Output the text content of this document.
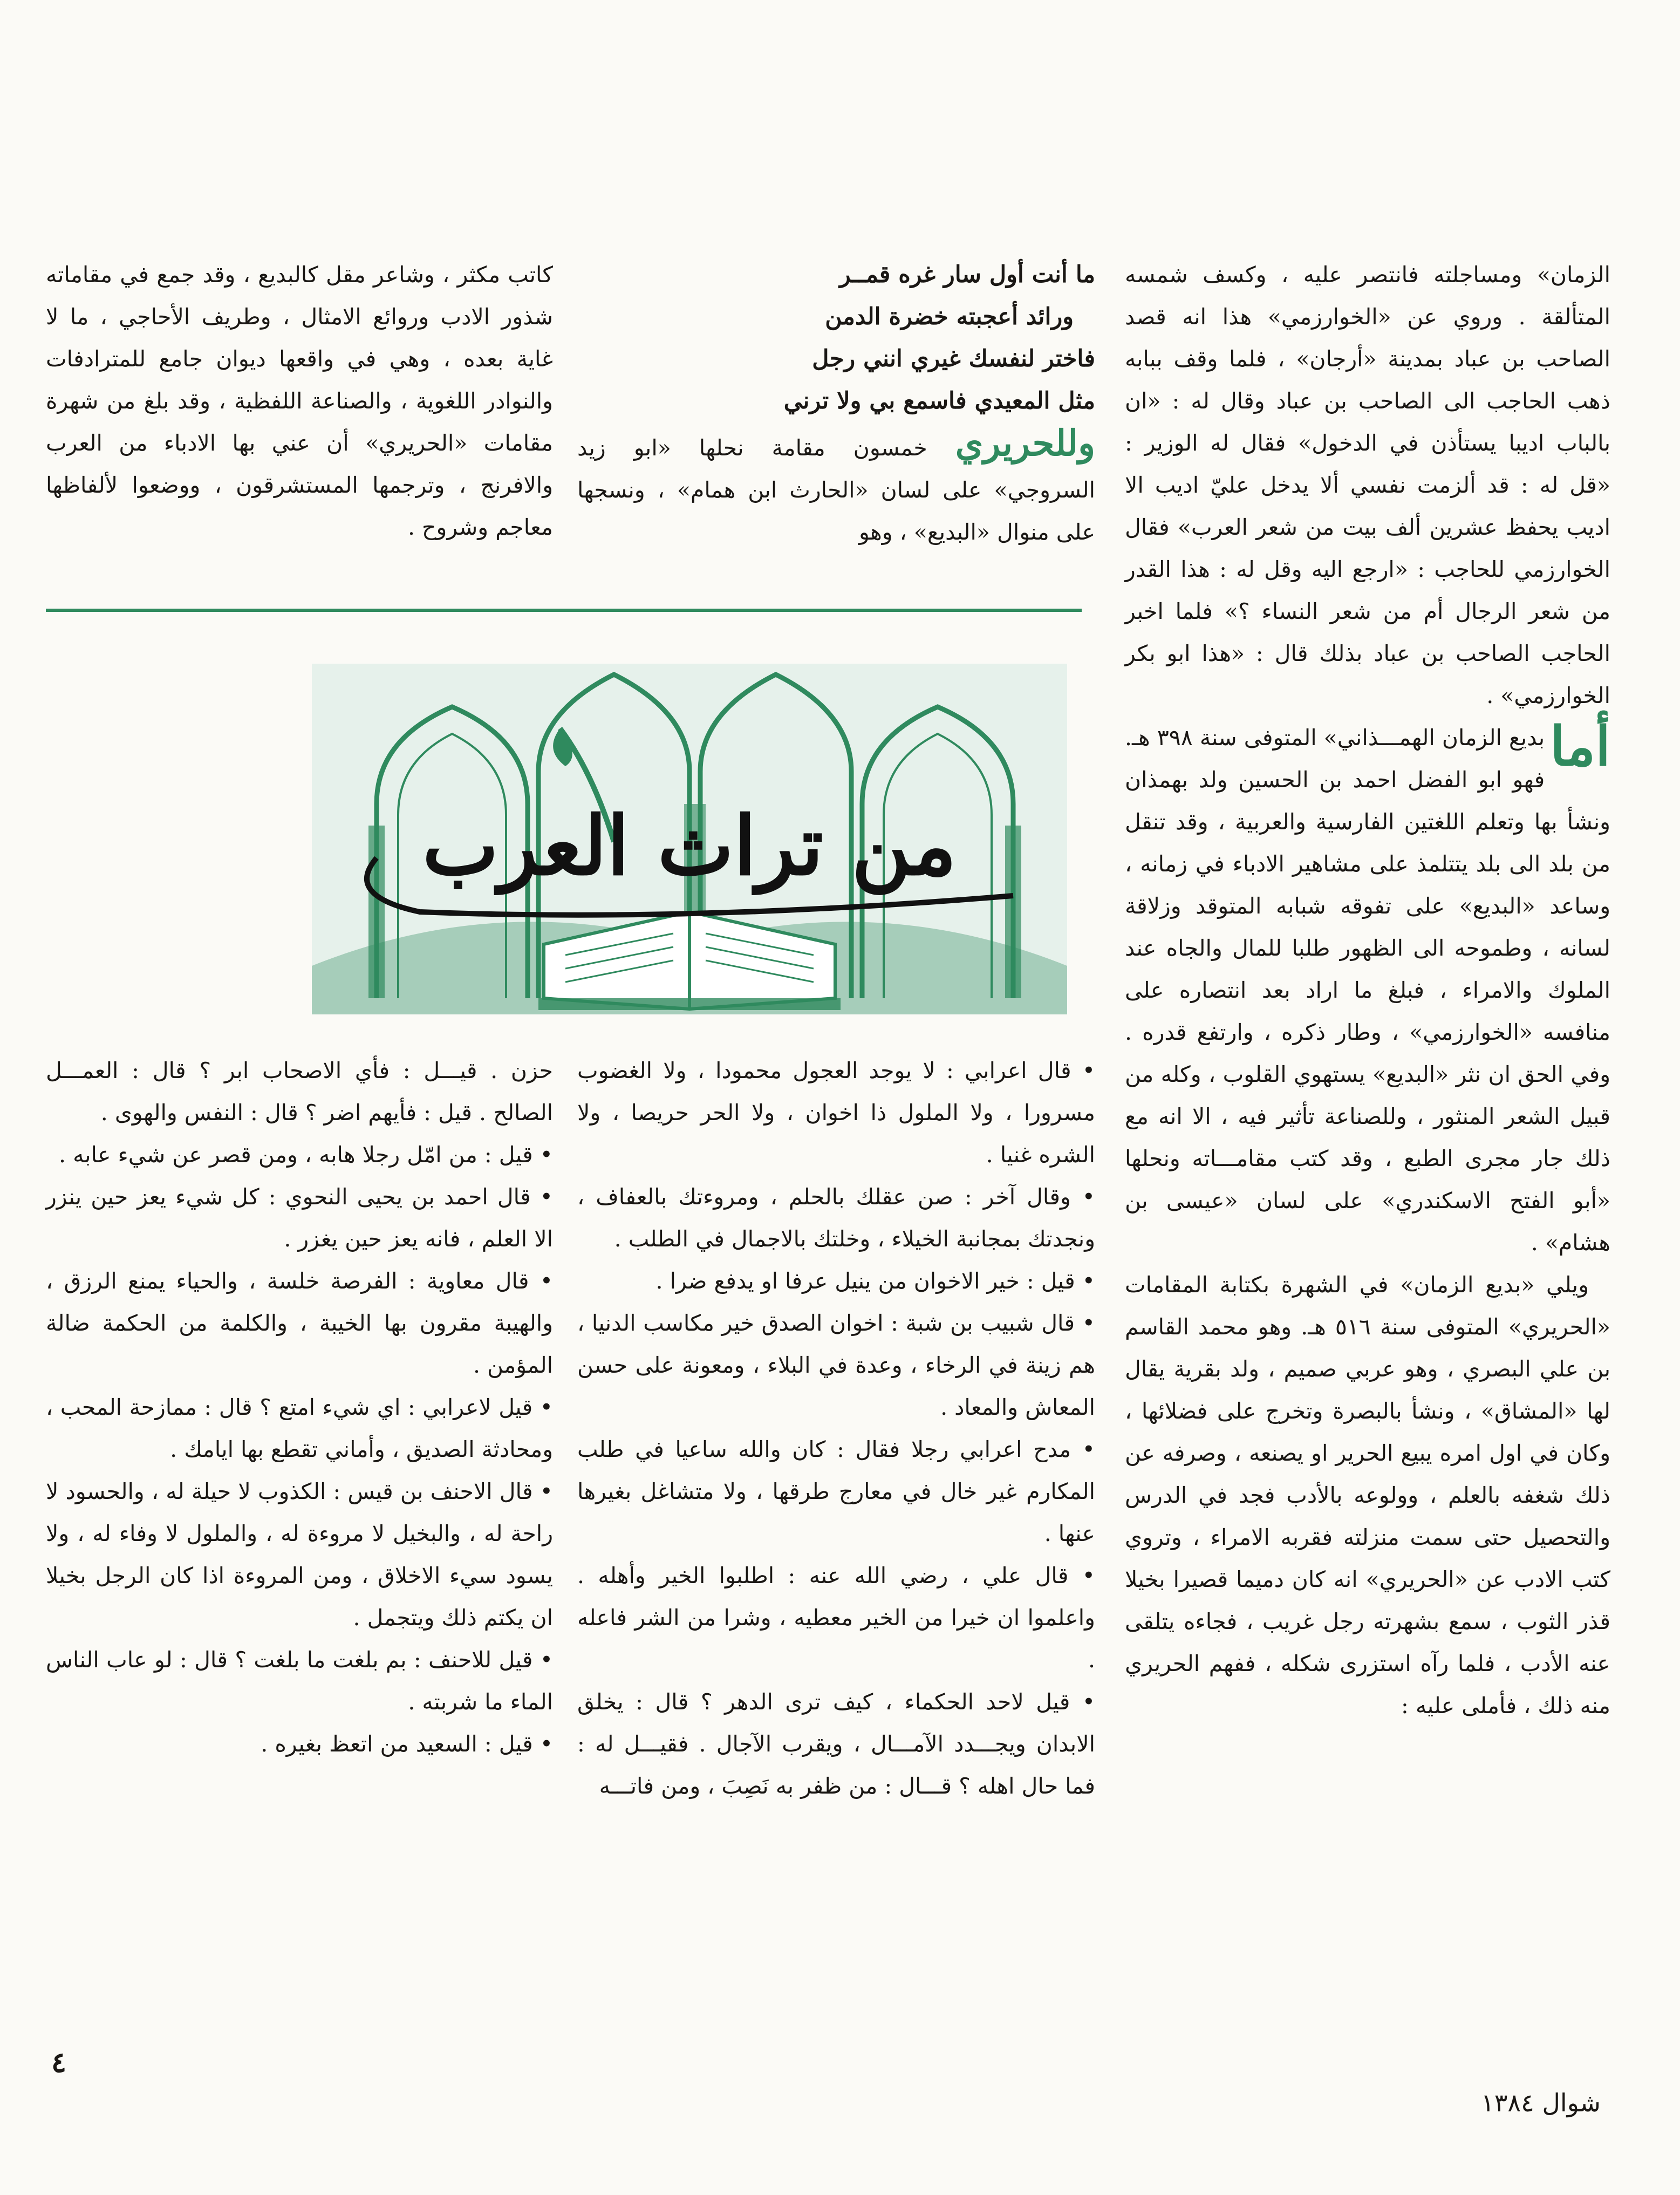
الزمان» ومساجلته فانتصر عليه ، وكسف شمسه المتألقة . وروي عن «الخوارزمي» هذا انه قصد الصاحب بن عباد بمدينة «أرجان» ، فلما وقف ببابه ذهب الحاجب الى الصاحب بن عباد وقال له : «ان بالباب اديبا يستأذن في الدخول» فقال له الوزير : «قل له : قد ألزمت نفسي ألا يدخل عليّ اديب الا اديب يحفظ عشرين ألف بيت من شعر العرب» فقال الخوارزمي للحاجب : «ارجع اليه وقل له : هذا القدر من شعر الرجال أم من شعر النساء ؟» فلما اخبر الحاجب الصاحب بن عباد بذلك قال : «هذا ابو بكر الخوارزمي» .

أما
بديع الزمان الهمـــذاني» المتوفى سنة ٣٩٨ هـ. فهو ابو الفضل احمد بن الحسين ولد بهمذان ونشأ بها وتعلم اللغتين الفارسية والعربية ، وقد تنقل من بلد الى بلد يتتلمذ على مشاهير الادباء في زمانه ، وساعد «البديع» على تفوقه شبابه المتوقد وزلاقة لسانه ، وطموحه الى الظهور طلبا للمال والجاه عند الملوك والامراء ، فبلغ ما اراد بعد انتصاره على منافسه «الخوارزمي» ، وطار ذكره ، وارتفع قدره . وفي الحق ان نثر «البديع» يستهوي القلوب ، وكله من قبيل الشعر المنثور ، وللصناعة تأثير فيه ، الا انه مع ذلك جار مجرى الطبع ، وقد كتب مقامـــاته ونحلها «أبو الفتح الاسكندري» على لسان «عيسى بن هشام» .

ويلي «بديع الزمان» في الشهرة بكتابة المقامات «الحريري» المتوفى سنة ٥١٦ هـ. وهو محمد القاسم بن علي البصري ، وهو عربي صميم ، ولد بقرية يقال لها «المشاق» ، ونشأ بالبصرة وتخرج على فضلائها ، وكان في اول امره يبيع الحرير او يصنعه ، وصرفه عن ذلك شغفه بالعلم ، وولوعه بالأدب فجد في الدرس والتحصيل حتى سمت منزلته فقربه الامراء ، وتروي كتب الادب عن «الحريري» انه كان دميما قصيرا بخيلا قذر الثوب ، سمع بشهرته رجل غريب ، فجاءه يتلقى عنه الأدب ، فلما رآه استزرى شكله ، ففهم الحريري منه ذلك ، فأملى عليه :

ما أنت أول سار غره قمــر

ورائد أعجبته خضرة الدمن

فاختر لنفسك غيري انني رجل

مثل المعيدي فاسمع بي ولا ترني

وللحريري خمسون مقامة نحلها «ابو زيد السروجي» على لسان «الحارث ابن همام» ، ونسجها على منوال «البديع» ، وهو

كاتب مكثر ، وشاعر مقل كالبديع ، وقد جمع في مقاماته شذور الادب وروائع الامثال ، وطريف الأحاجي ، ما لا غاية بعده ، وهي في واقعها ديوان جامع للمترادفات والنوادر اللغوية ، والصناعة اللفظية ، وقد بلغ من شهرة مقامات «الحريري» أن عني بها الادباء من العرب والافرنج ، وترجمها المستشرقون ، ووضعوا لألفاظها معاجم وشروح .

من تراث العرب

• قال اعرابي : لا يوجد العجول محمودا ، ولا الغضوب مسرورا ، ولا الملول ذا اخوان ، ولا الحر حريصا ، ولا الشره غنيا .

• وقال آخر : صن عقلك بالحلم ، ومروءتك بالعفاف ، ونجدتك بمجانبة الخيلاء ، وخلتك بالاجمال في الطلب .

• قيل : خير الاخوان من ينيل عرفا او يدفع ضرا .

• قال شبيب بن شبة : اخوان الصدق خير مكاسب الدنيا ، هم زينة في الرخاء ، وعدة في البلاء ، ومعونة على حسن المعاش والمعاد .

• مدح اعرابي رجلا فقال : كان والله ساعيا في طلب المكارم غير خال في معارج طرقها ، ولا متشاغل بغيرها عنها .

• قال علي ، رضي الله عنه : اطلبوا الخير وأهله . واعلموا ان خيرا من الخير معطيه ، وشرا من الشر فاعله .

• قيل لاحد الحكماء ، كيف ترى الدهر ؟ قال : يخلق الابدان ويجـــدد الآمـــال ، ويقرب الآجال . فقيـــل له : فما حال اهله ؟ قـــال : من ظفر به نَصِبَ ، ومن فاتـــه

حزن . قيـــل : فأي الاصحاب ابر ؟ قال : العمـــل الصالح . قيل : فأيهم اضر ؟ قال : النفس والهوى .

• قيل : من امّل رجلا هابه ، ومن قصر عن شيء عابه .

• قال احمد بن يحيى النحوي : كل شيء يعز حين ينزر الا العلم ، فانه يعز حين يغزر .

• قال معاوية : الفرصة خلسة ، والحياء يمنع الرزق ، والهيبة مقرون بها الخيبة ، والكلمة من الحكمة ضالة المؤمن .

• قيل لاعرابي : اي شيء امتع ؟ قال : ممازحة المحب ، ومحادثة الصديق ، وأماني تقطع بها ايامك .

• قال الاحنف بن قيس : الكذوب لا حيلة له ، والحسود لا راحة له ، والبخيل لا مروءة له ، والملول لا وفاء له ، ولا يسود سيء الاخلاق ، ومن المروءة اذا كان الرجل بخيلا ان يكتم ذلك ويتجمل .

• قيل للاحنف : بم بلغت ما بلغت ؟ قال : لو عاب الناس الماء ما شربته .

• قيل : السعيد من اتعظ بغيره .

٤
شوال ١٣٨٤
